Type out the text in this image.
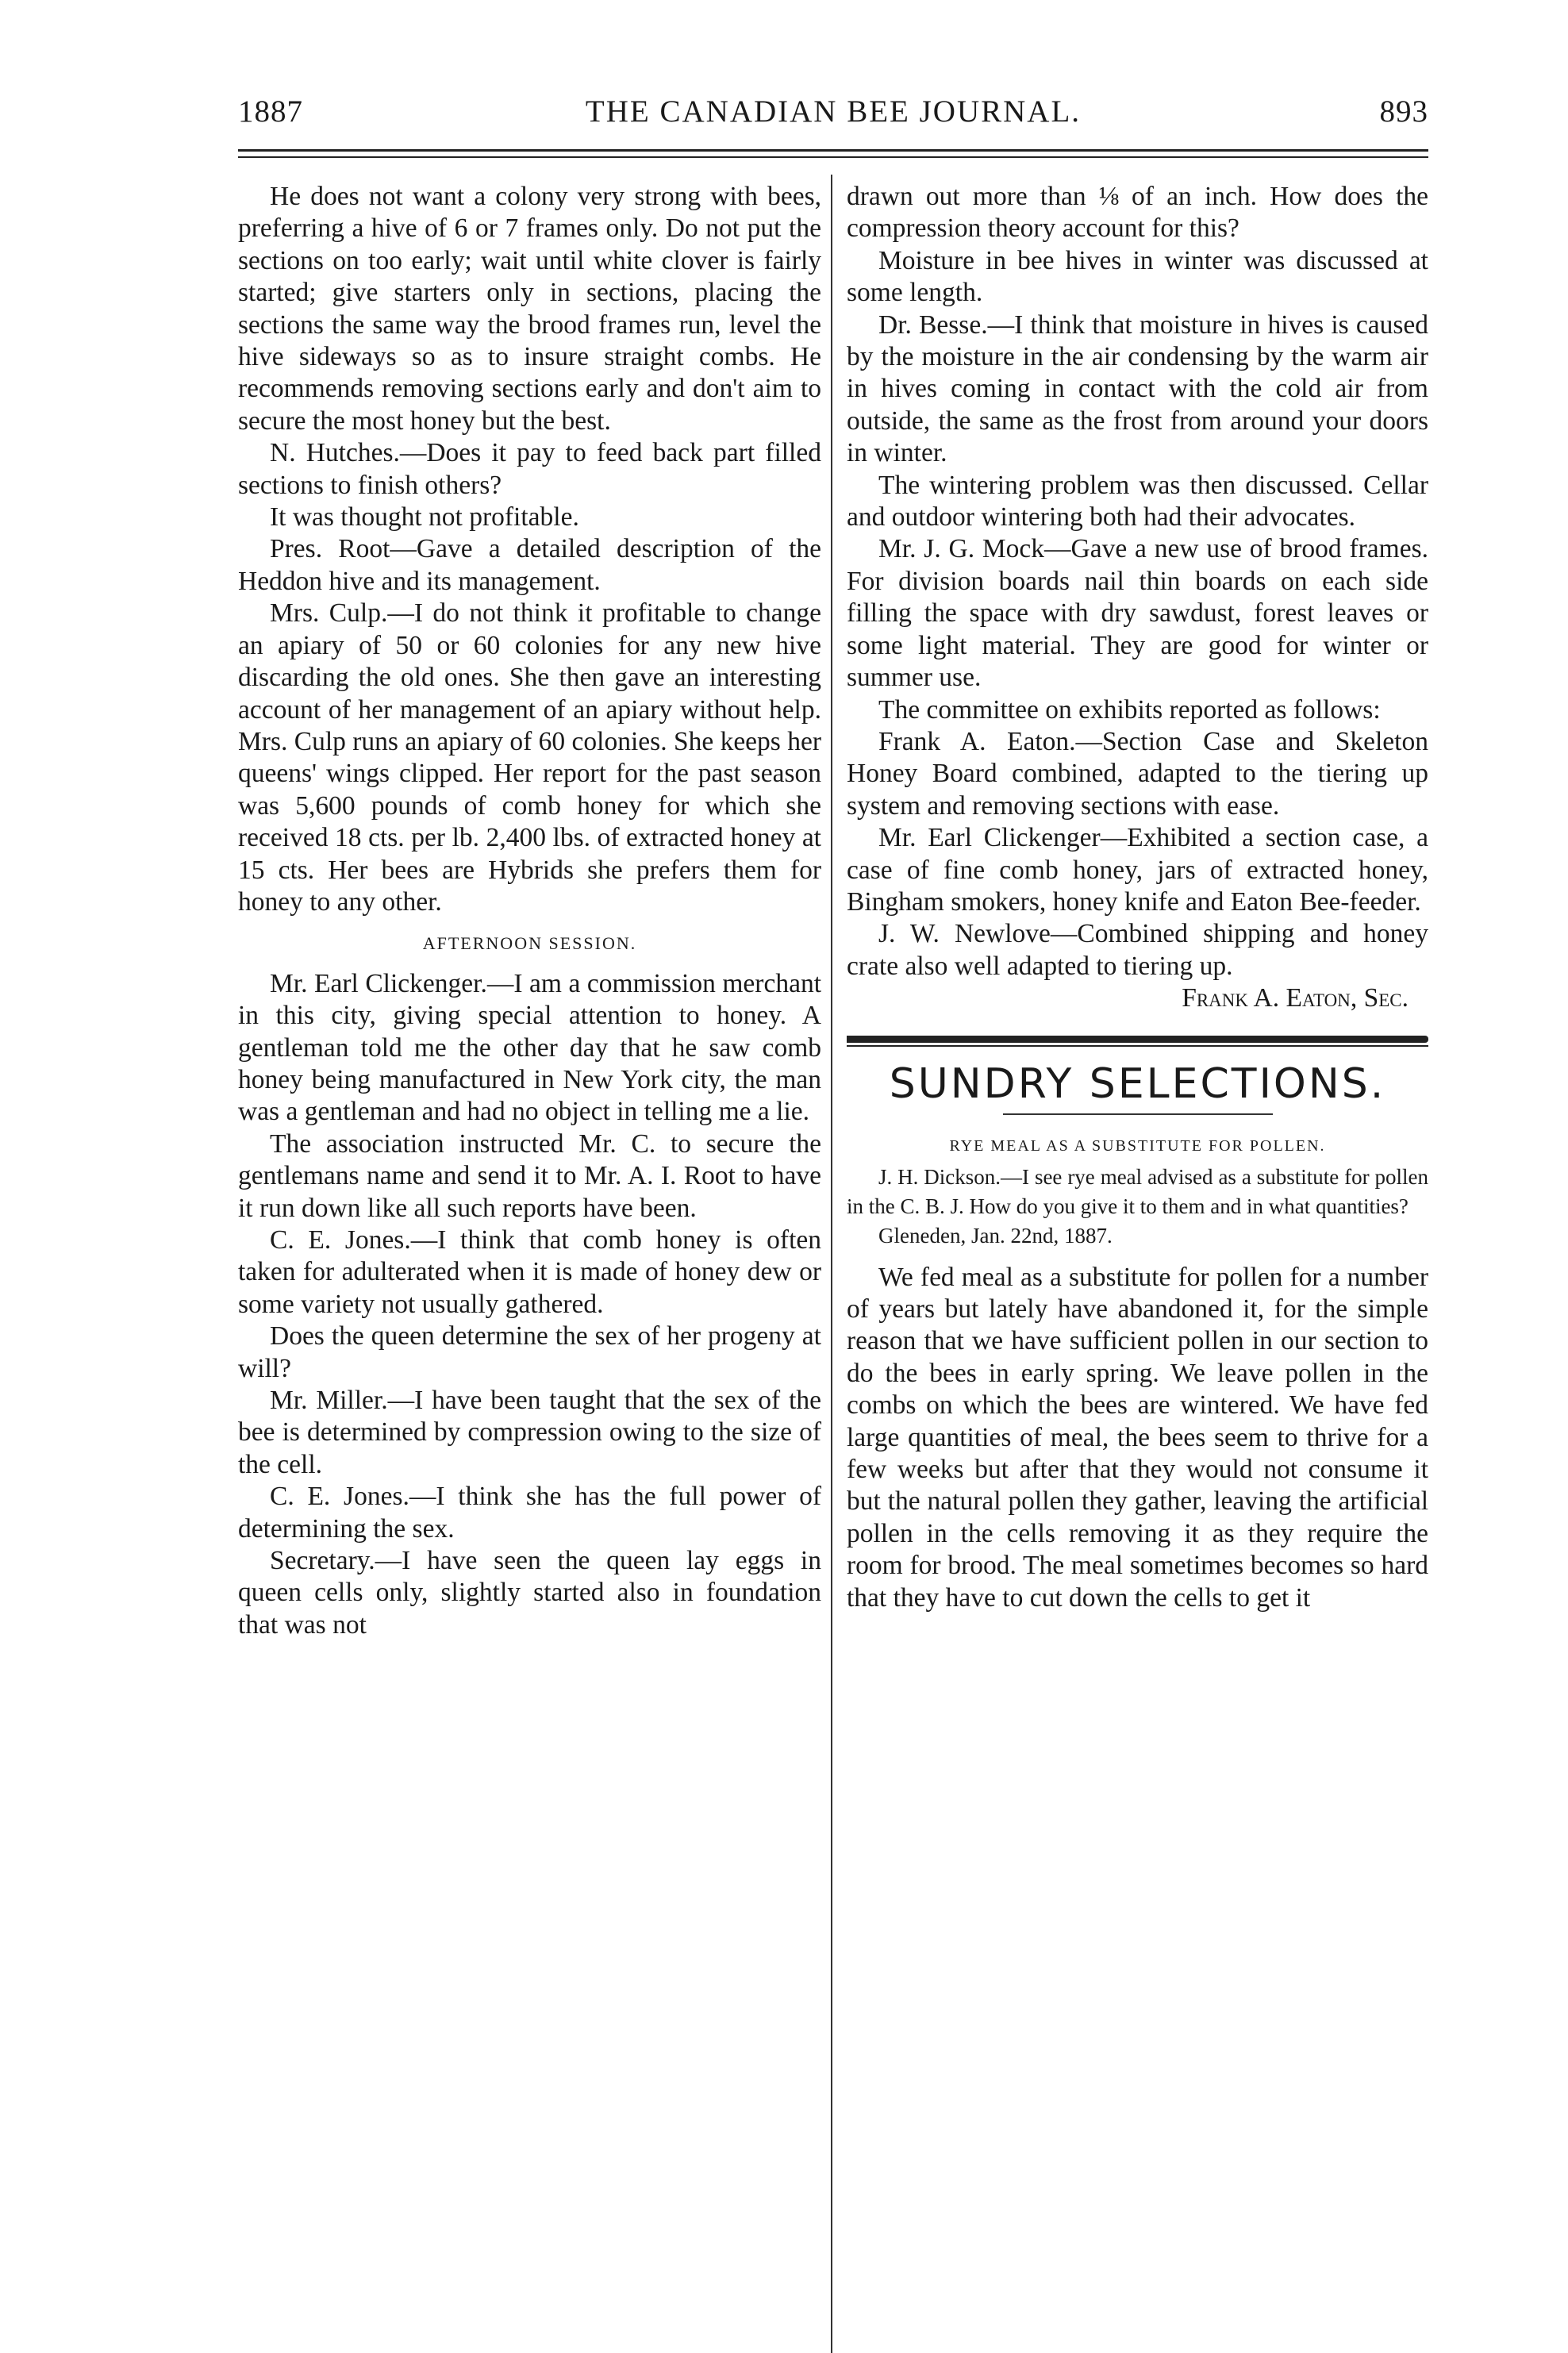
1887	THE CANADIAN BEE JOURNAL.	893

He does not want a colony very strong with bees, preferring a hive of 6 or 7 frames only. Do not put the sections on too early; wait until white clover is fairly started; give starters only in sections, placing the sections the same way the brood frames run, level the hive sideways so as to insure straight combs. He recommends removing sections early and don't aim to secure the most honey but the best.

N. Hutches.—Does it pay to feed back part filled sections to finish others?

It was thought not profitable.

Pres. Root—Gave a detailed description of the Heddon hive and its management.

Mrs. Culp.—I do not think it profitable to change an apiary of 50 or 60 colonies for any new hive discarding the old ones. She then gave an interesting account of her management of an apiary without help. Mrs. Culp runs an apiary of 60 colonies. She keeps her queens' wings clipped. Her report for the past season was 5,600 pounds of comb honey for which she received 18 cts. per lb. 2,400 lbs. of extracted honey at 15 cts. Her bees are Hybrids she prefers them for honey to any other.

AFTERNOON SESSION.

Mr. Earl Clickenger.—I am a commission merchant in this city, giving special attention to honey. A gentleman told me the other day that he saw comb honey being manufactured in New York city, the man was a gentleman and had no object in telling me a lie.

The association instructed Mr. C. to secure the gentlemans name and send it to Mr. A. I. Root to have it run down like all such reports have been.

C. E. Jones.—I think that comb honey is often taken for adulterated when it is made of honey dew or some variety not usually gathered.

Does the queen determine the sex of her progeny at will?

Mr. Miller.—I have been taught that the sex of the bee is determined by compression owing to the size of the cell.

C. E. Jones.—I think she has the full power of determining the sex.

Secretary.—I have seen the queen lay eggs in queen cells only, slightly started also in foundation that was not

drawn out more than ⅛ of an inch. How does the compression theory account for this?

Moisture in bee hives in winter was discussed at some length.

Dr. Besse.—I think that moisture in hives is caused by the moisture in the air condensing by the warm air in hives coming in contact with the cold air from outside, the same as the frost from around your doors in winter.

The wintering problem was then discussed. Cellar and outdoor wintering both had their advocates.

Mr. J. G. Mock—Gave a new use of brood frames. For division boards nail thin boards on each side filling the space with dry sawdust, forest leaves or some light material. They are good for winter or summer use.

The committee on exhibits reported as follows:

Frank A. Eaton.—Section Case and Skeleton Honey Board combined, adapted to the tiering up system and removing sections with ease.

Mr. Earl Clickenger—Exhibited a section case, a case of fine comb honey, jars of extracted honey, Bingham smokers, honey knife and Eaton Bee-feeder.

J. W. Newlove—Combined shipping and honey crate also well adapted to tiering up.

Frank A. Eaton, Sec.

SUNDRY SELECTIONS.

RYE MEAL AS A SUBSTITUTE FOR POLLEN.

J. H. Dickson.—I see rye meal advised as a substitute for pollen in the C. B. J. How do you give it to them and in what quantities?

Gleneden, Jan. 22nd, 1887.

We fed meal as a substitute for pollen for a number of years but lately have abandoned it, for the simple reason that we have sufficient pollen in our section to do the bees in early spring. We leave pollen in the combs on which the bees are wintered. We have fed large quantities of meal, the bees seem to thrive for a few weeks but after that they would not consume it but the natural pollen they gather, leaving the artificial pollen in the cells removing it as they require the room for brood. The meal sometimes becomes so hard that they have to cut down the cells to get it
